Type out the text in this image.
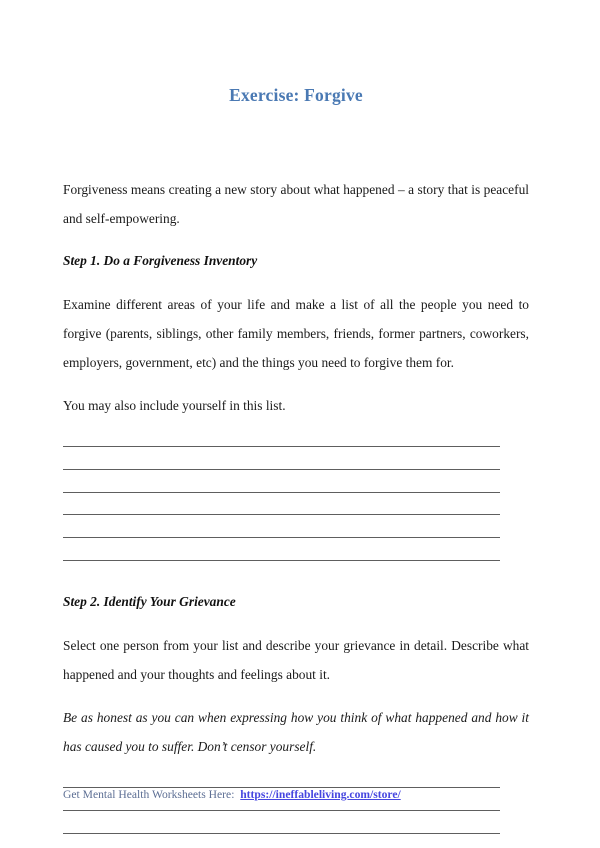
Exercise: Forgive

Forgiveness means creating a new story about what happened – a story that is peaceful and self-empowering.

Step 1. Do a Forgiveness Inventory

Examine different areas of your life and make a list of all the people you need to forgive (parents, siblings, other family members, friends, former partners, coworkers, employers, government, etc) and the things you need to forgive them for.

You may also include yourself in this list.

Step 2. Identify Your Grievance

Select one person from your list and describe your grievance in detail. Describe what happened and your thoughts and feelings about it.

Be as honest as you can when expressing how you think of what happened and how it has caused you to suffer. Don’t censor yourself.

Get Mental Health Worksheets Here: https://ineffableliving.com/store/
